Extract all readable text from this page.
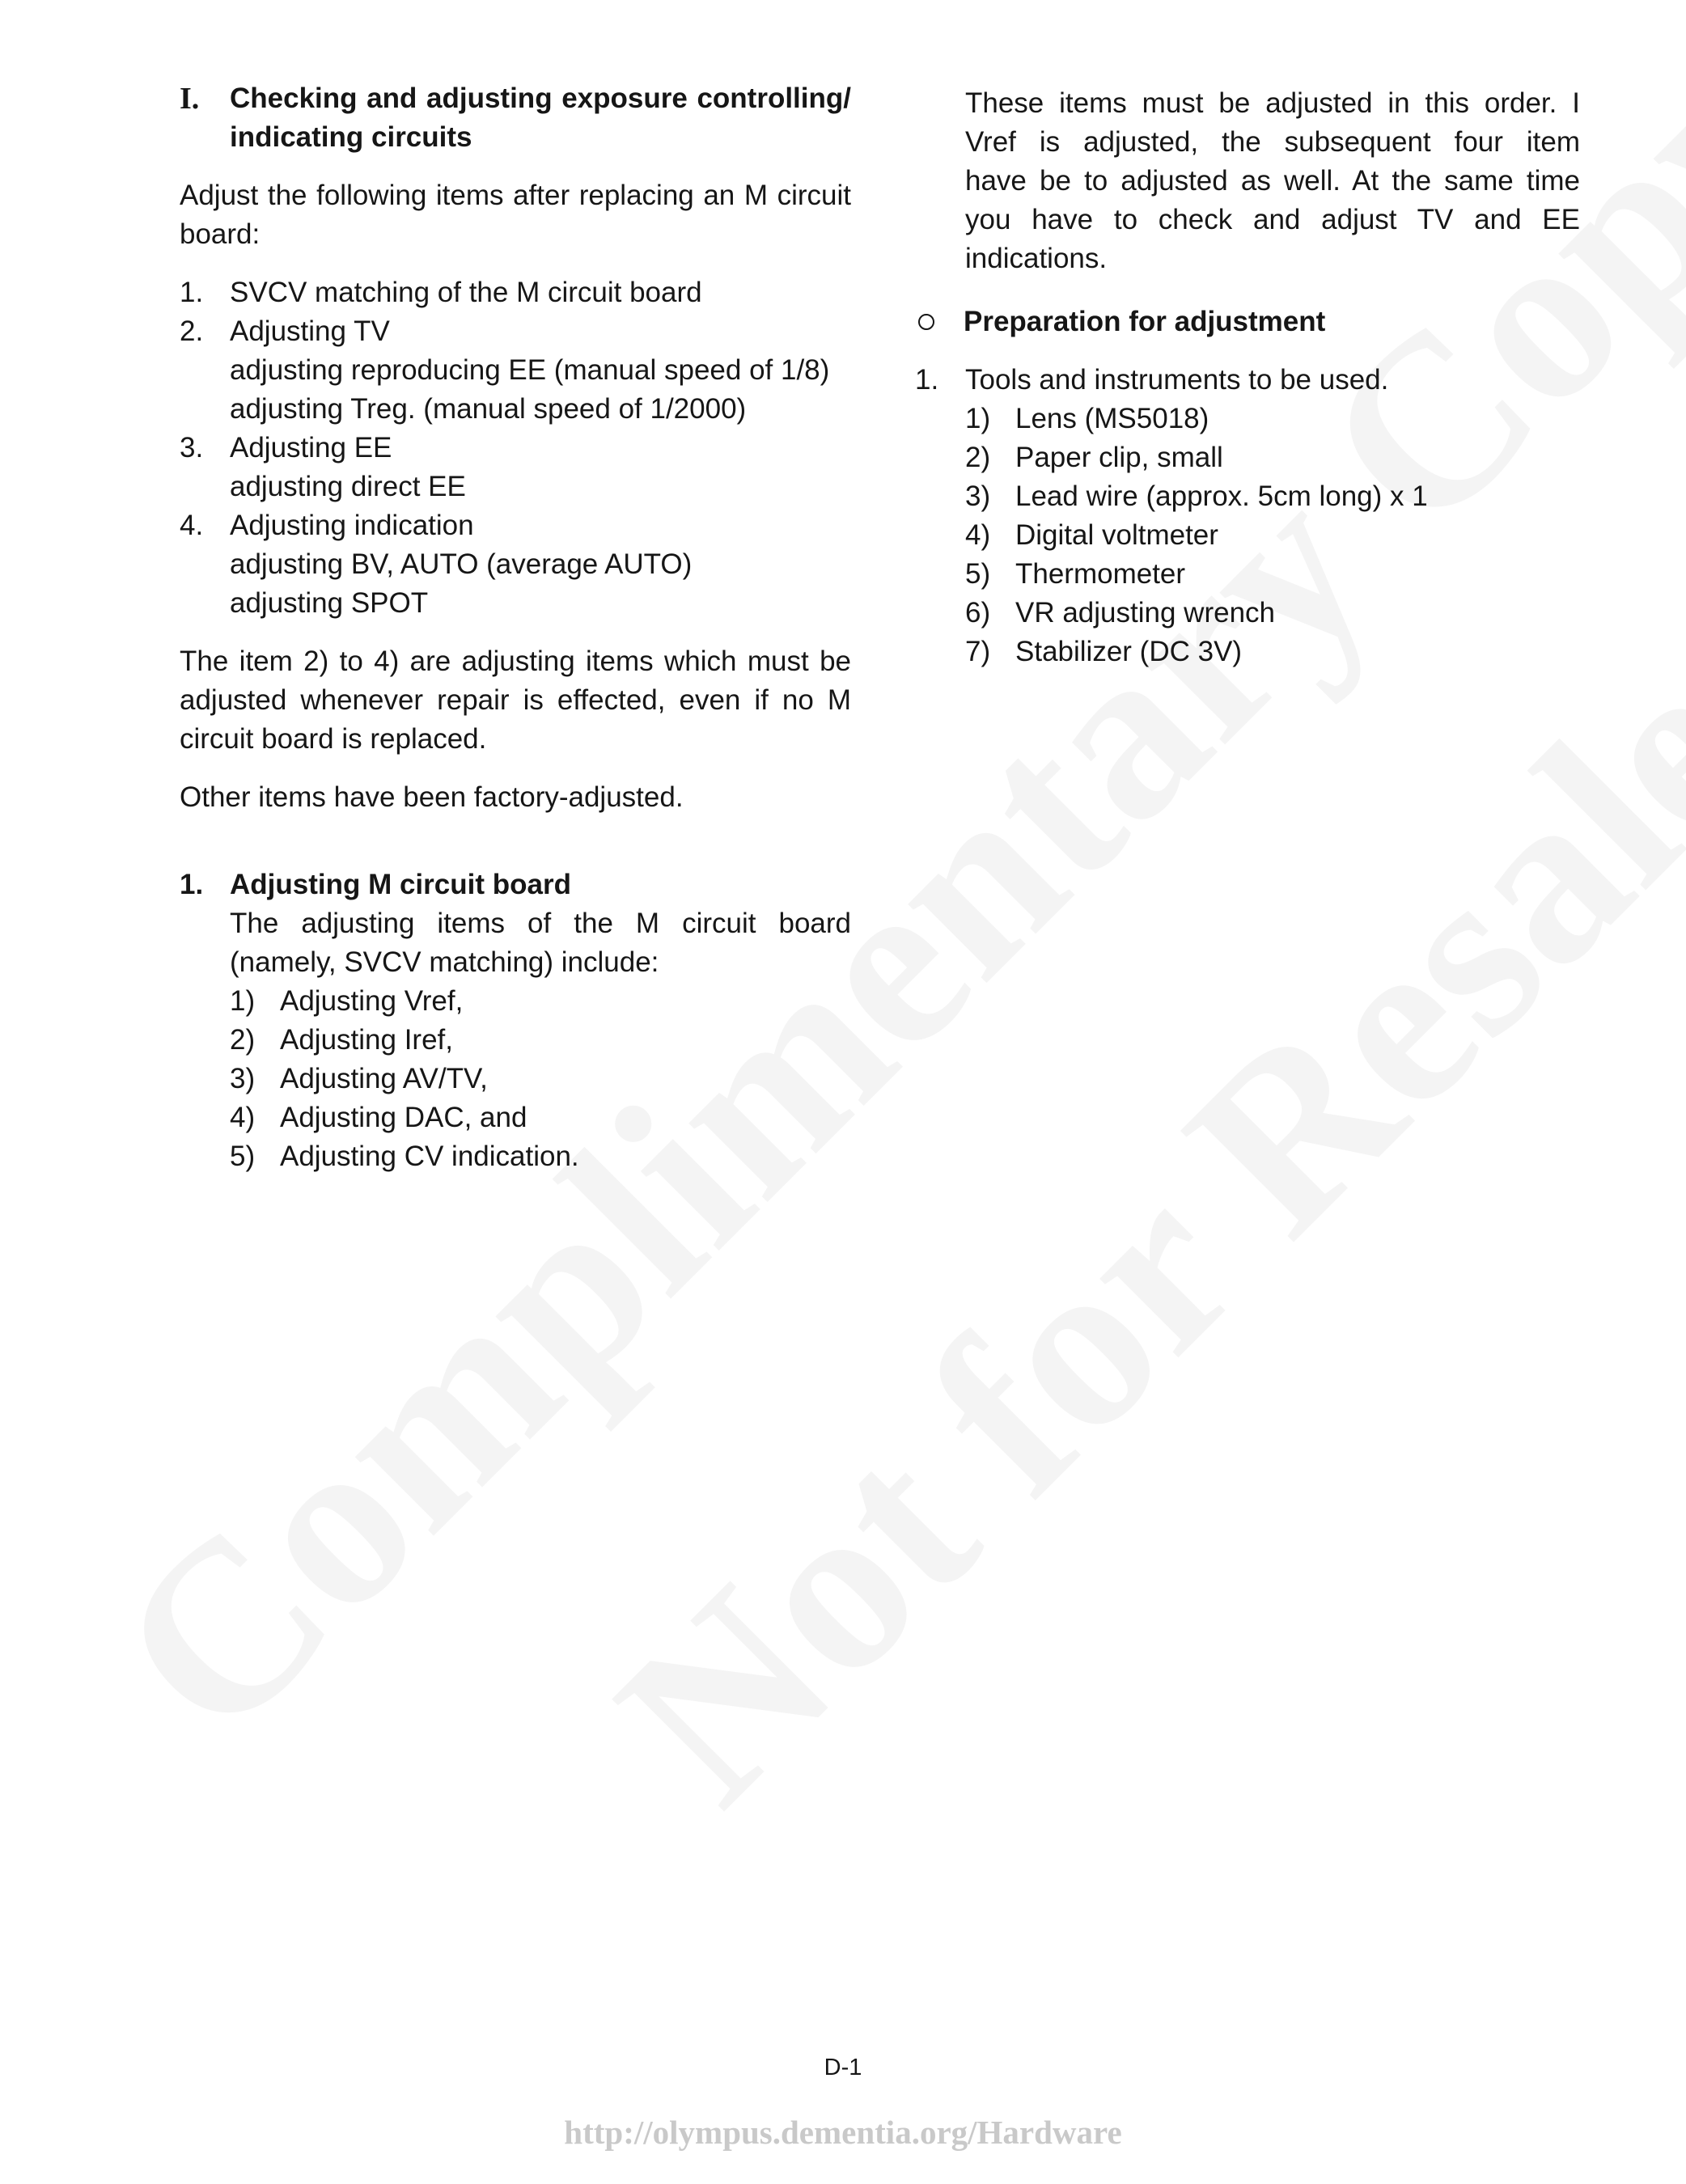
I.	Checking and adjusting exposure controlling/
indicating circuits

Adjust the following items after replacing an M circuit board:

1. SVCV matching of the M circuit board
2. Adjusting TV
adjusting reproducing EE (manual speed of 1/8)
adjusting Treg. (manual speed of 1/2000)
3. Adjusting EE
adjusting direct EE
4. Adjusting indication
adjusting BV, AUTO (average AUTO)
adjusting SPOT

The item 2) to 4) are adjusting items which must be adjusted whenever repair is effected, even if no M circuit board is replaced.

Other items have been factory-adjusted.

1. Adjusting M circuit board
The adjusting items of the M circuit board (namely, SVCV matching) include:
1) Adjusting Vref,
2) Adjusting Iref,
3) Adjusting AV/TV,
4) Adjusting DAC, and
5) Adjusting CV indication.
These items must be adjusted in this order. I
Vref is adjusted, the subsequent four item
have be to adjusted as well. At the same time
you have to check and adjust TV and EE
indications.
Preparation for adjustment
1. Tools and instruments to be used.
1) Lens (MS5018)
2) Paper clip, small
3) Lead wire (approx. 5cm long) x 1
4) Digital voltmeter
5) Thermometer
6) VR adjusting wrench
7) Stabilizer (DC 3V)
D-1
http://olympus.dementia.org/Hardware
